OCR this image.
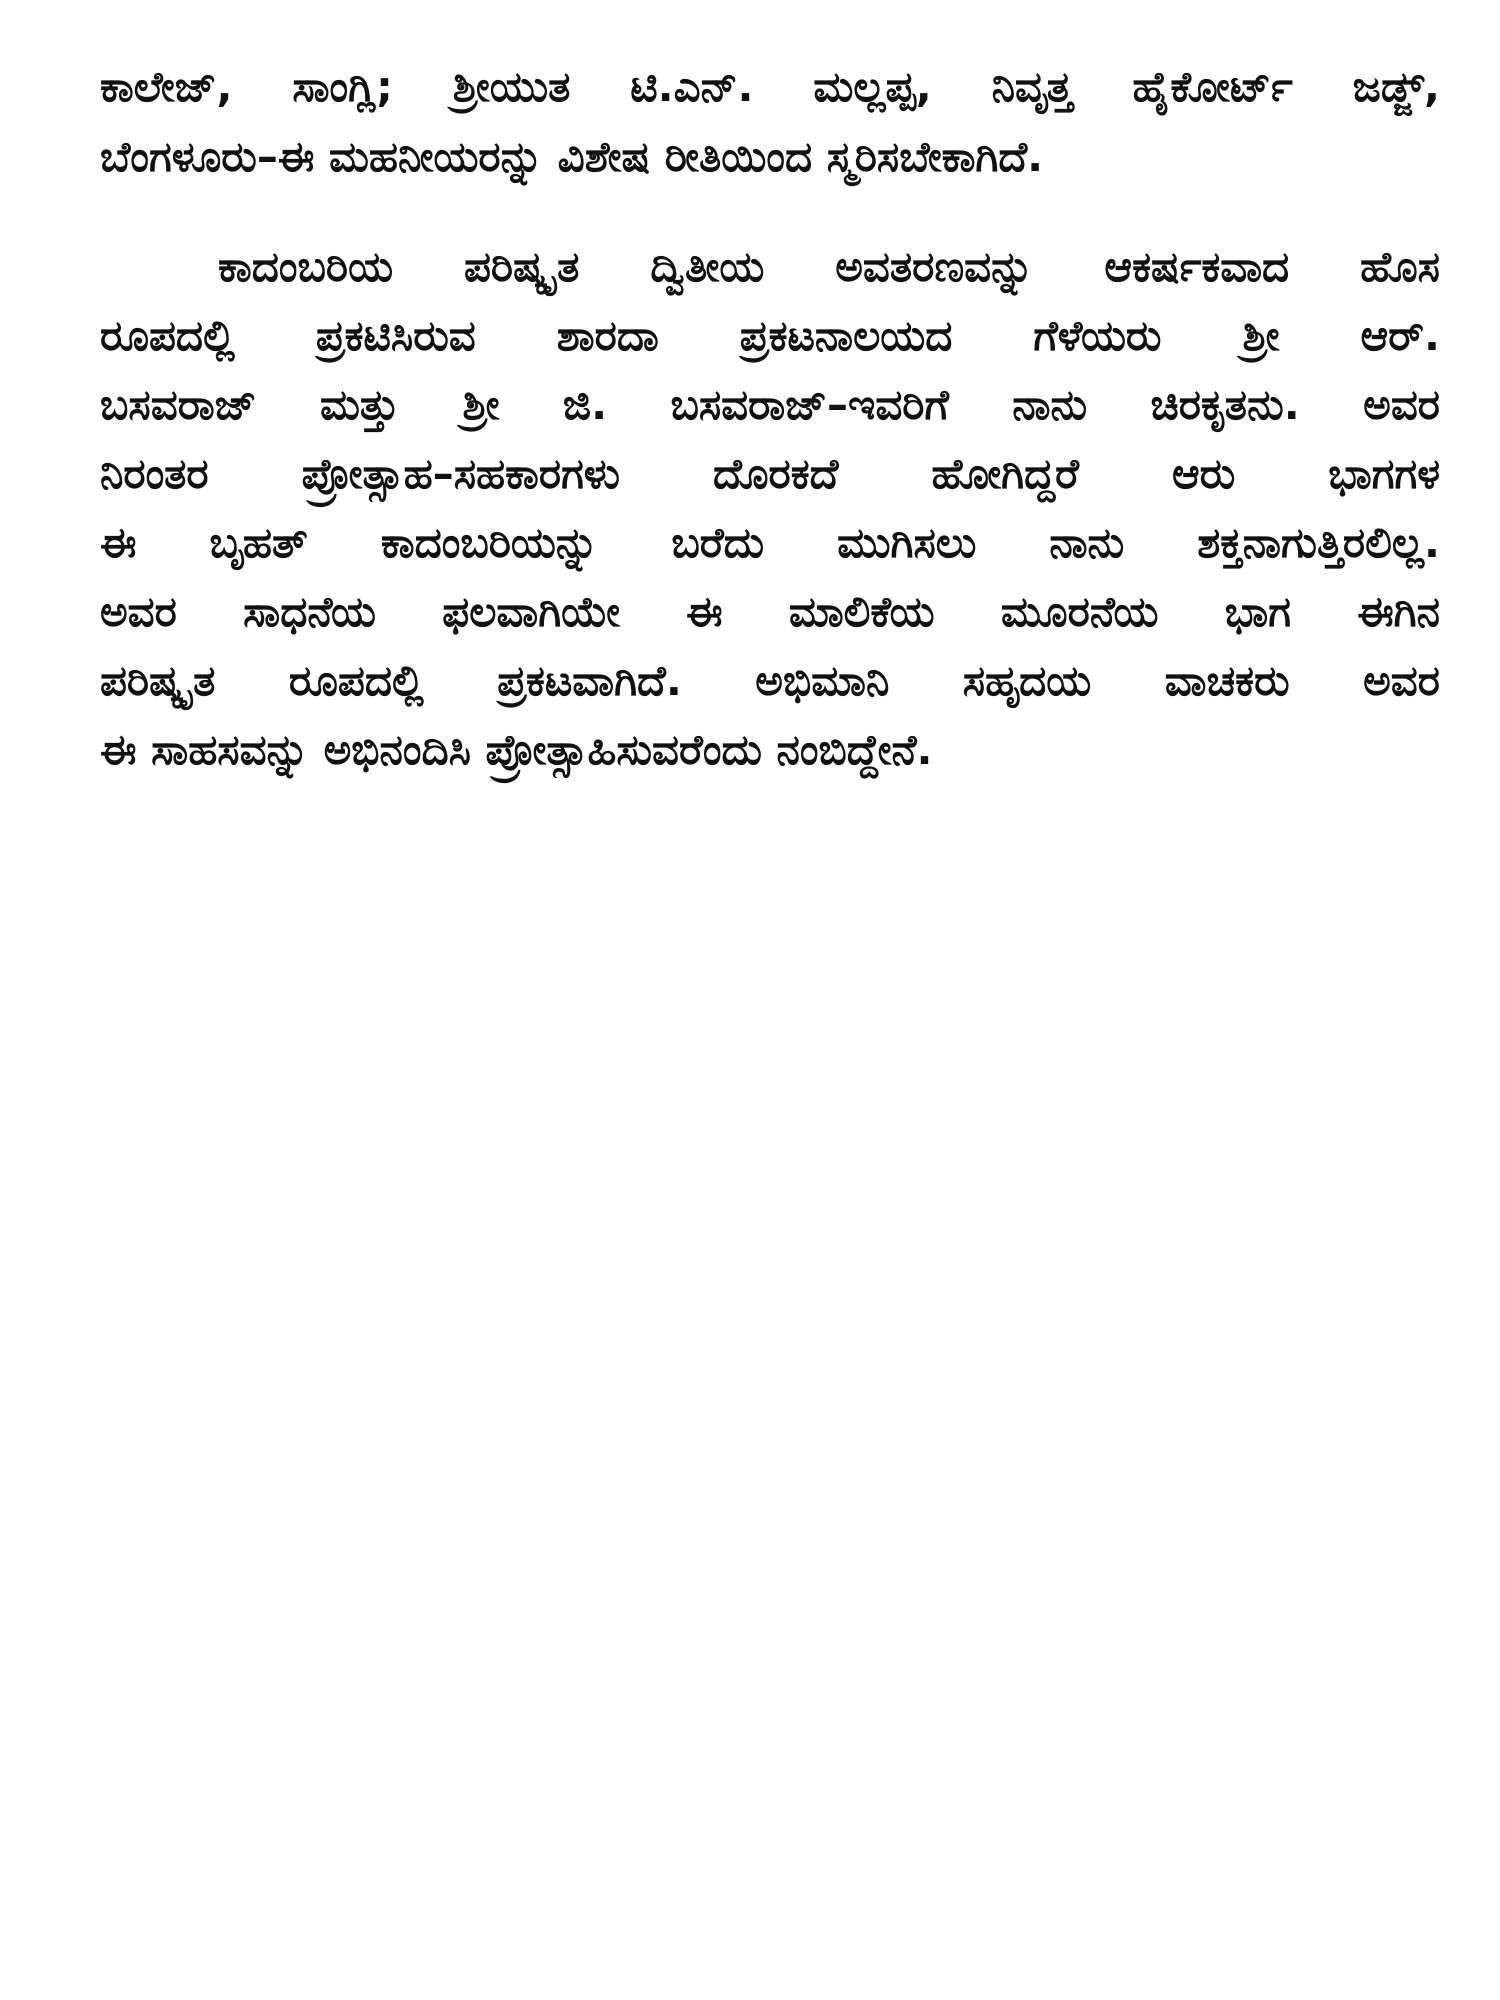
ಕಾಲೇಜ್, ಸಾಂಗ್ಲಿ; ಶ್ರೀಯುತ ಟಿ.ಎನ್. ಮಲ್ಲಪ್ಪ, ನಿವೃತ್ತ ಹೈಕೋರ್ಟ್ ಜಡ್ಜ್,
ಬೆಂಗಳೂರು–ಈ ಮಹನೀಯರನ್ನು ವಿಶೇಷ ರೀತಿಯಿಂದ ಸ್ಮರಿಸಬೇಕಾಗಿದೆ.
ಕಾದಂಬರಿಯ ಪರಿಷ್ಕೃತ ದ್ವಿತೀಯ ಅವತರಣವನ್ನು ಆಕರ್ಷಕವಾದ ಹೊಸ
ರೂಪದಲ್ಲಿ ಪ್ರಕಟಿಸಿರುವ ಶಾರದಾ ಪ್ರಕಟನಾಲಯದ ಗೆಳೆಯರು ಶ್ರೀ ಆರ್.
ಬಸವರಾಜ್ ಮತ್ತು ಶ್ರೀ ಜಿ. ಬಸವರಾಜ್–ಇವರಿಗೆ ನಾನು ಚಿರಕೃತನು. ಅವರ
ನಿರಂತರ ಪ್ರೋತ್ಸಾಹ–ಸಹಕಾರಗಳು ದೊರಕದೆ ಹೋಗಿದ್ದರೆ ಆರು ಭಾಗಗಳ
ಈ ಬೃಹತ್ ಕಾದಂಬರಿಯನ್ನು ಬರೆದು ಮುಗಿಸಲು ನಾನು ಶಕ್ತನಾಗುತ್ತಿರಲಿಲ್ಲ.
ಅವರ ಸಾಧನೆಯ ಫಲವಾಗಿಯೇ ಈ ಮಾಲಿಕೆಯ ಮೂರನೆಯ ಭಾಗ ಈಗಿನ
ಪರಿಷ್ಕೃತ ರೂಪದಲ್ಲಿ ಪ್ರಕಟವಾಗಿದೆ. ಅಭಿಮಾನಿ ಸಹೃದಯ ವಾಚಕರು ಅವರ
ಈ ಸಾಹಸವನ್ನು ಅಭಿನಂದಿಸಿ ಪ್ರೋತ್ಸಾಹಿಸುವರೆಂದು ನಂಬಿದ್ದೇನೆ.
